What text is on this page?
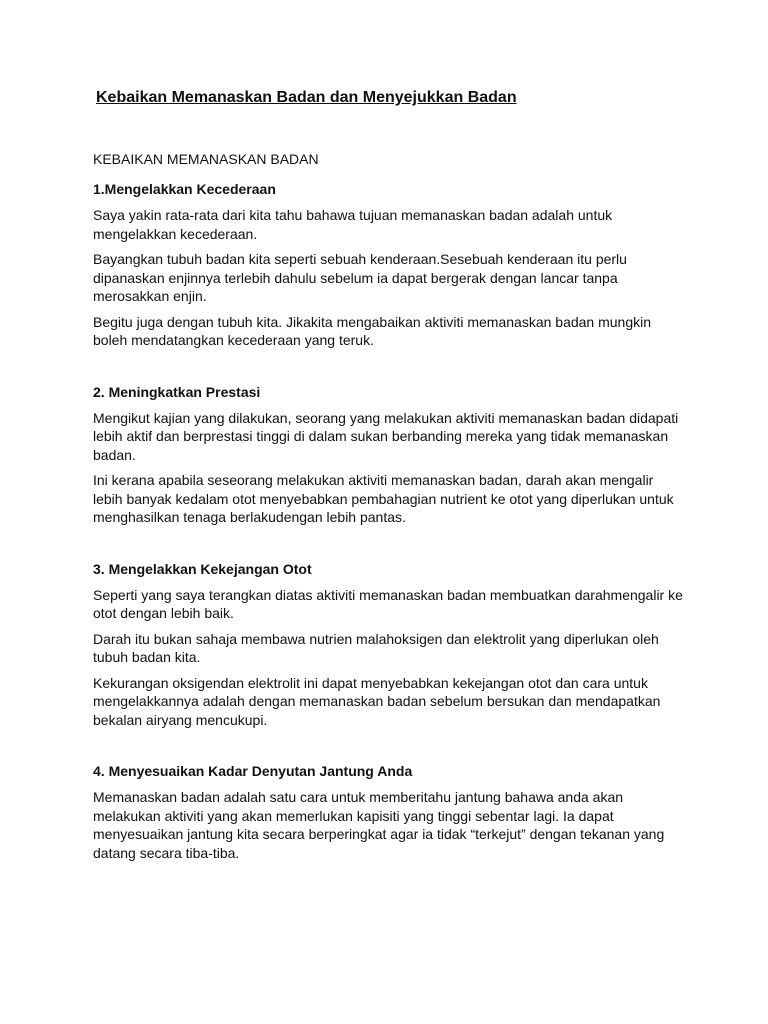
Kebaikan Memanaskan Badan dan Menyejukkan Badan
KEBAIKAN MEMANASKAN BADAN
1.Mengelakkan Kecederaan

Saya yakin rata-rata dari kita tahu bahawa tujuan memanaskan badan adalah untuk mengelakkan kecederaan.

Bayangkan tubuh badan kita seperti sebuah kenderaan.Sesebuah kenderaan itu perlu dipanaskan enjinnya terlebih dahulu sebelum ia dapat bergerak dengan lancar tanpa merosakkan enjin.

Begitu juga dengan tubuh kita. Jikakita mengabaikan aktiviti memanaskan badan mungkin boleh mendatangkan kecederaan yang teruk.

2. Meningkatkan Prestasi

Mengikut kajian yang dilakukan, seorang yang melakukan aktiviti memanaskan badan didapati lebih aktif dan berprestasi tinggi di dalam sukan berbanding mereka yang tidak memanaskan badan.

Ini kerana apabila seseorang melakukan aktiviti memanaskan badan, darah akan mengalir lebih banyak kedalam otot menyebabkan pembahagian nutrient ke otot yang diperlukan untuk menghasilkan tenaga berlakudengan lebih pantas.

3. Mengelakkan Kekejangan Otot

Seperti yang saya terangkan diatas aktiviti memanaskan badan membuatkan darahmengalir ke otot dengan lebih baik.

Darah itu bukan sahaja membawa nutrien malahoksigen dan elektrolit yang diperlukan oleh tubuh badan kita.

Kekurangan oksigendan elektrolit ini dapat menyebabkan kekejangan otot dan cara untuk mengelakkannya adalah dengan memanaskan badan sebelum bersukan dan mendapatkan bekalan airyang mencukupi.

4. Menyesuaikan Kadar Denyutan Jantung Anda

Memanaskan badan adalah satu cara untuk memberitahu jantung bahawa anda akan melakukan aktiviti yang akan memerlukan kapisiti yang tinggi sebentar lagi. Ia dapat menyesuaikan jantung kita secara berperingkat agar ia tidak “terkejut” dengan tekanan yang datang secara tiba-tiba.
